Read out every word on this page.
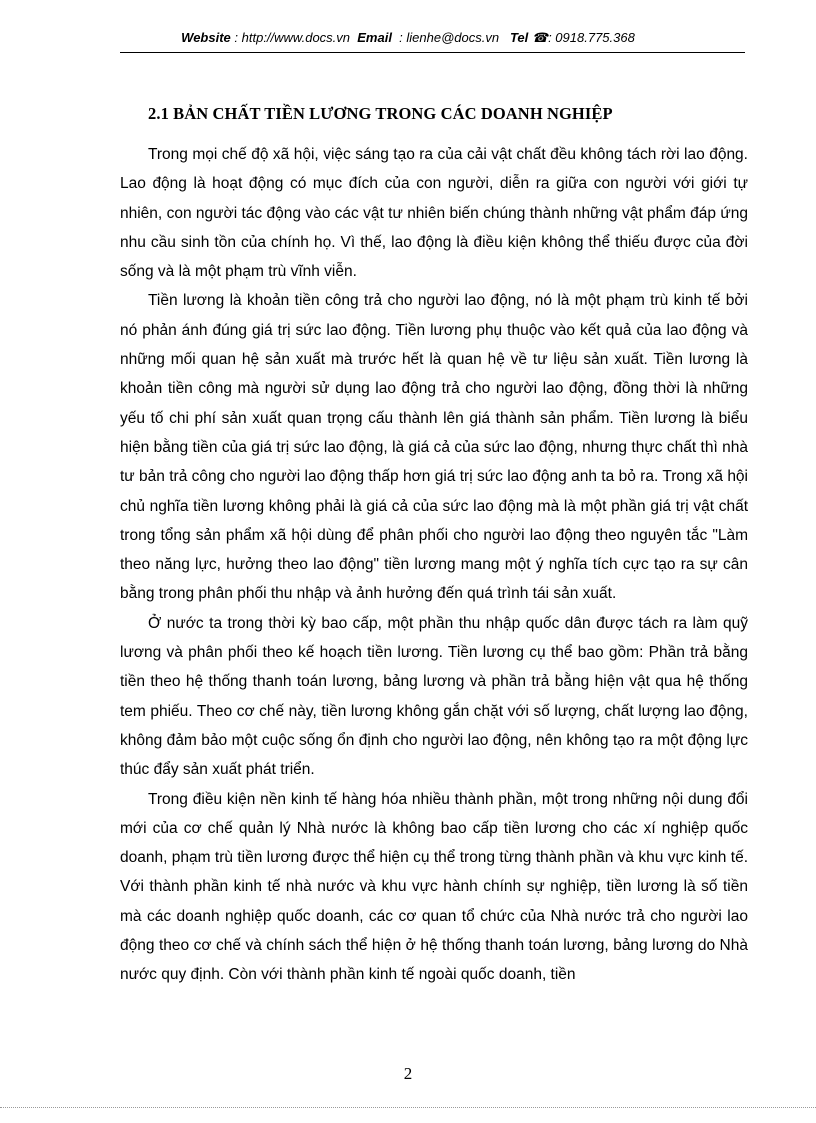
Website : http://www.docs.vn Email : lienhe@docs.vn Tel ☎: 0918.775.368
2.1 BẢN CHẤT TIỀN LƯƠNG TRONG CÁC DOANH NGHIỆP

Trong mọi chế độ xã hội, việc sáng tạo ra của cải vật chất đều không tách rời lao động. Lao động là hoạt động có mục đích của con người, diễn ra giữa con người với giới tự nhiên, con người tác động vào các vật tư nhiên biến chúng thành những vật phẩm đáp ứng nhu cầu sinh tồn của chính họ. Vì thế, lao động là điều kiện không thể thiếu được của đời sống và là một phạm trù vĩnh viễn.

Tiền lương là khoản tiền công trả cho người lao động, nó là một phạm trù kinh tế bởi nó phản ánh đúng giá trị sức lao động. Tiền lương phụ thuộc vào kết quả của lao động và những mối quan hệ sản xuất mà trước hết là quan hệ về tư liệu sản xuất. Tiền lương là khoản tiền công mà người sử dụng lao động trả cho người lao động, đồng thời là những yếu tố chi phí sản xuất quan trọng cấu thành lên giá thành sản phẩm. Tiền lương là biểu hiện bằng tiền của giá trị sức lao động, là giá cả của sức lao động, nhưng thực chất thì nhà tư bản trả công cho người lao động thấp hơn giá trị sức lao động anh ta bỏ ra. Trong xã hội chủ nghĩa tiền lương không phải là giá cả của sức lao động mà là một phần giá trị vật chất trong tổng sản phẩm xã hội dùng để phân phối cho người lao động theo nguyên tắc "Làm theo năng lực, hưởng theo lao động" tiền lương mang một ý nghĩa tích cực tạo ra sự cân bằng trong phân phối thu nhập và ảnh hưởng đến quá trình tái sản xuất.

Ở nước ta trong thời kỳ bao cấp, một phần thu nhập quốc dân được tách ra làm quỹ lương và phân phối theo kế hoạch tiền lương. Tiền lương cụ thể bao gồm: Phần trả bằng tiền theo hệ thống thanh toán lương, bảng lương và phần trả bằng hiện vật qua hệ thống tem phiếu. Theo cơ chế này, tiền lương không gắn chặt với số lượng, chất lượng lao động, không đảm bảo một cuộc sống ổn định cho người lao động, nên không tạo ra một động lực thúc đẩy sản xuất phát triển.

Trong điều kiện nền kinh tế hàng hóa nhiều thành phần, một trong những nội dung đổi mới của cơ chế quản lý Nhà nước là không bao cấp tiền lương cho các xí nghiệp quốc doanh, phạm trù tiền lương được thể hiện cụ thể trong từng thành phần và khu vực kinh tế. Với thành phần kinh tế nhà nước và khu vực hành chính sự nghiệp, tiền lương là số tiền mà các doanh nghiệp quốc doanh, các cơ quan tổ chức của Nhà nước trả cho người lao động theo cơ chế và chính sách thể hiện ở hệ thống thanh toán lương, bảng lương do Nhà nước quy định. Còn với thành phần kinh tế ngoài quốc doanh, tiền

2
